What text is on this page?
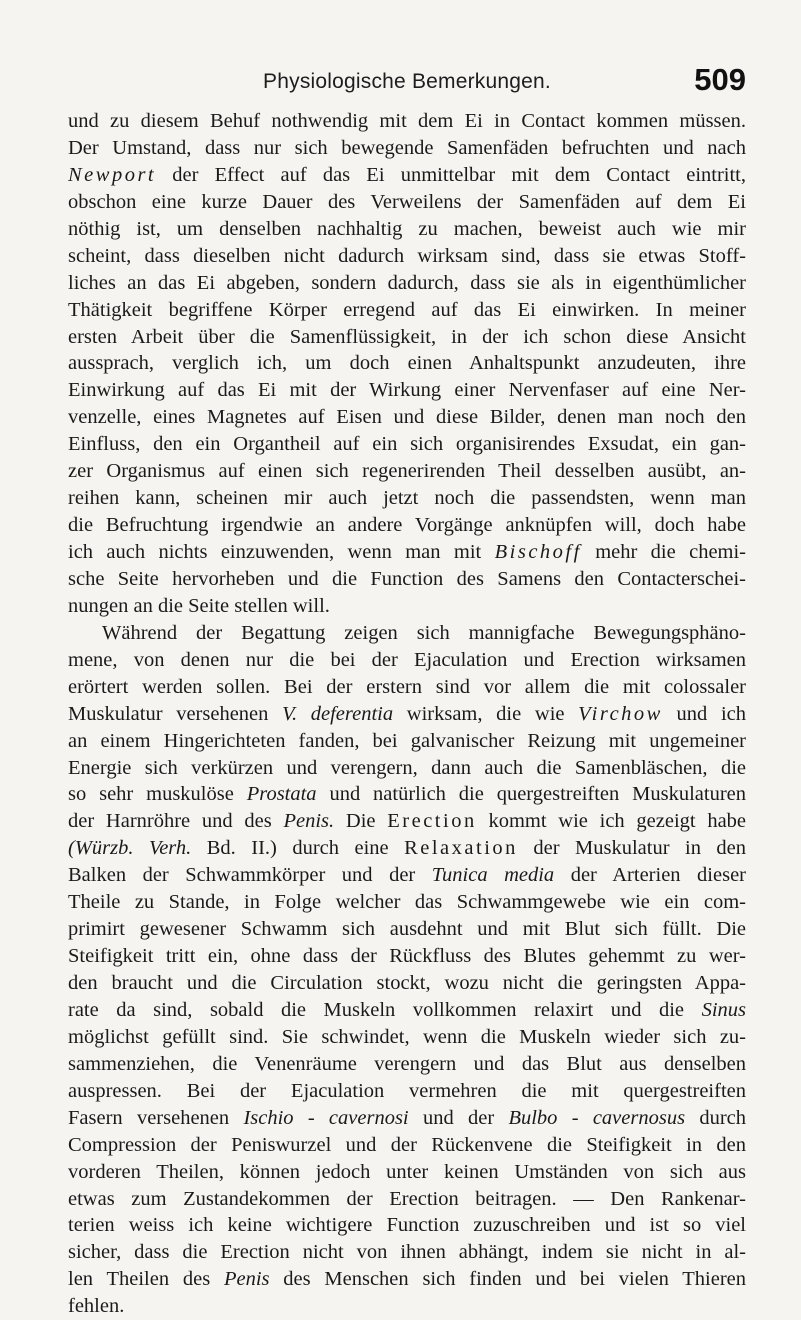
Physiologische Bemerkungen.	509
und zu diesem Behuf nothwendig mit dem Ei in Contact kommen müssen.
Der Umstand, dass nur sich bewegende Samenfäden befruchten und nach
Newport der Effect auf das Ei unmittelbar mit dem Contact eintritt,
obschon eine kurze Dauer des Verweilens der Samenfäden auf dem Ei
nöthig ist, um denselben nachhaltig zu machen, beweist auch wie mir
scheint, dass dieselben nicht dadurch wirksam sind, dass sie etwas Stoff-
liches an das Ei abgeben, sondern dadurch, dass sie als in eigenthümlicher
Thätigkeit begriffene Körper erregend auf das Ei einwirken. In meiner
ersten Arbeit über die Samenflüssigkeit, in der ich schon diese Ansicht
aussprach, verglich ich, um doch einen Anhaltspunkt anzudeuten, ihre
Einwirkung auf das Ei mit der Wirkung einer Nervenfaser auf eine Ner-
venzelle, eines Magnetes auf Eisen und diese Bilder, denen man noch den
Einfluss, den ein Organtheil auf ein sich organisirendes Exsudat, ein gan-
zer Organismus auf einen sich regenerirenden Theil desselben ausübt, an-
reihen kann, scheinen mir auch jetzt noch die passendsten, wenn man
die Befruchtung irgendwie an andere Vorgänge anknüpfen will, doch habe
ich auch nichts einzuwenden, wenn man mit Bischoff mehr die chemi-
sche Seite hervorheben und die Function des Samens den Contacterschei-
nungen an die Seite stellen will.
Während der Begattung zeigen sich mannigfache Bewegungsphäno-
mene, von denen nur die bei der Ejaculation und Erection wirksamen
erörtert werden sollen. Bei der erstern sind vor allem die mit colossaler
Muskulatur versehenen V. deferentia wirksam, die wie Virchow und ich
an einem Hingerichteten fanden, bei galvanischer Reizung mit ungemeiner
Energie sich verkürzen und verengern, dann auch die Samenbläschen, die
so sehr muskulöse Prostata und natürlich die quergestreiften Muskulaturen
der Harnröhre und des Penis. Die Erection kommt wie ich gezeigt habe
(Würzb. Verh. Bd. II.) durch eine Relaxation der Muskulatur in den
Balken der Schwammkörper und der Tunica media der Arterien dieser
Theile zu Stande, in Folge welcher das Schwammgewebe wie ein com-
primirt gewesener Schwamm sich ausdehnt und mit Blut sich füllt. Die
Steifigkeit tritt ein, ohne dass der Rückfluss des Blutes gehemmt zu wer-
den braucht und die Circulation stockt, wozu nicht die geringsten Appa-
rate da sind, sobald die Muskeln vollkommen relaxirt und die Sinus
möglichst gefüllt sind. Sie schwindet, wenn die Muskeln wieder sich zu-
sammenziehen, die Venenräume verengern und das Blut aus denselben
auspressen. Bei der Ejaculation vermehren die mit quergestreiften
Fasern versehenen Ischio - cavernosi und der Bulbo - cavernosus durch
Compression der Peniswurzel und der Rückenvene die Steifigkeit in den
vorderen Theilen, können jedoch unter keinen Umständen von sich aus
etwas zum Zustandekommen der Erection beitragen. — Den Rankenar-
terien weiss ich keine wichtigere Function zuzuschreiben und ist so viel
sicher, dass die Erection nicht von ihnen abhängt, indem sie nicht in al-
len Theilen des Penis des Menschen sich finden und bei vielen Thieren
fehlen.
